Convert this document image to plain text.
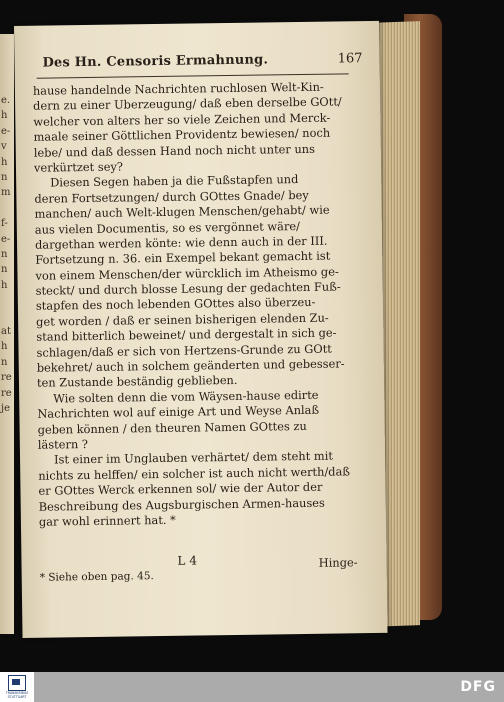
e.
h
e-
v
h
n
m
f-
e-
n
n
h
at
h
n
re
re
je
Des Hn. Censoris Ermahnung.	167
hause handelnde Nachrichten ruchlosen Welt-Kin-
dern zu einer Uberzeugung/ daß eben derselbe GOtt/
welcher von alters her so viele Zeichen und Merck-
maale seiner Göttlichen Providentz bewiesen/ noch
lebe/ und daß dessen Hand noch nicht unter uns
verkürtzet sey?
Diesen Segen haben ja die Fußstapfen und
deren Fortsetzungen/ durch GOttes Gnade/ bey
manchen/ auch Welt-klugen Menschen/gehabt/ wie
aus vielen Documentis, so es vergönnet wäre/
dargethan werden könte: wie denn auch in der III.
Fortsetzung n. 36. ein Exempel bekant gemacht ist
von einem Menschen/der würcklich im Atheismo ge-
steckt/ und durch blosse Lesung der gedachten Fuß-
stapfen des noch lebenden GOttes also überzeu-
get worden / daß er seinen bisherigen elenden Zu-
stand bitterlich beweinet/ und dergestalt in sich ge-
schlagen/daß er sich von Hertzens-Grunde zu GOtt
bekehret/ auch in solchem geänderten und gebesser-
ten Zustande beständig geblieben.
Wie solten denn die vom Wäysen-hause edirte
Nachrichten wol auf einige Art und Weyse Anlaß
geben können / den theuren Namen GOttes zu
lästern ?
Ist einer im Unglauben verhärtet/ dem steht mit
nichts zu helffen/ ein solcher ist auch nicht werth/daß
er GOttes Werck erkennen sol/ wie der Autor der
Beschreibung des Augsburgischen Armen-hauses
gar wohl erinnert hat. *
L 4	Hinge-
* Siehe oben pag. 45.
TRANSKRIBUS STUTTGART
DFG
